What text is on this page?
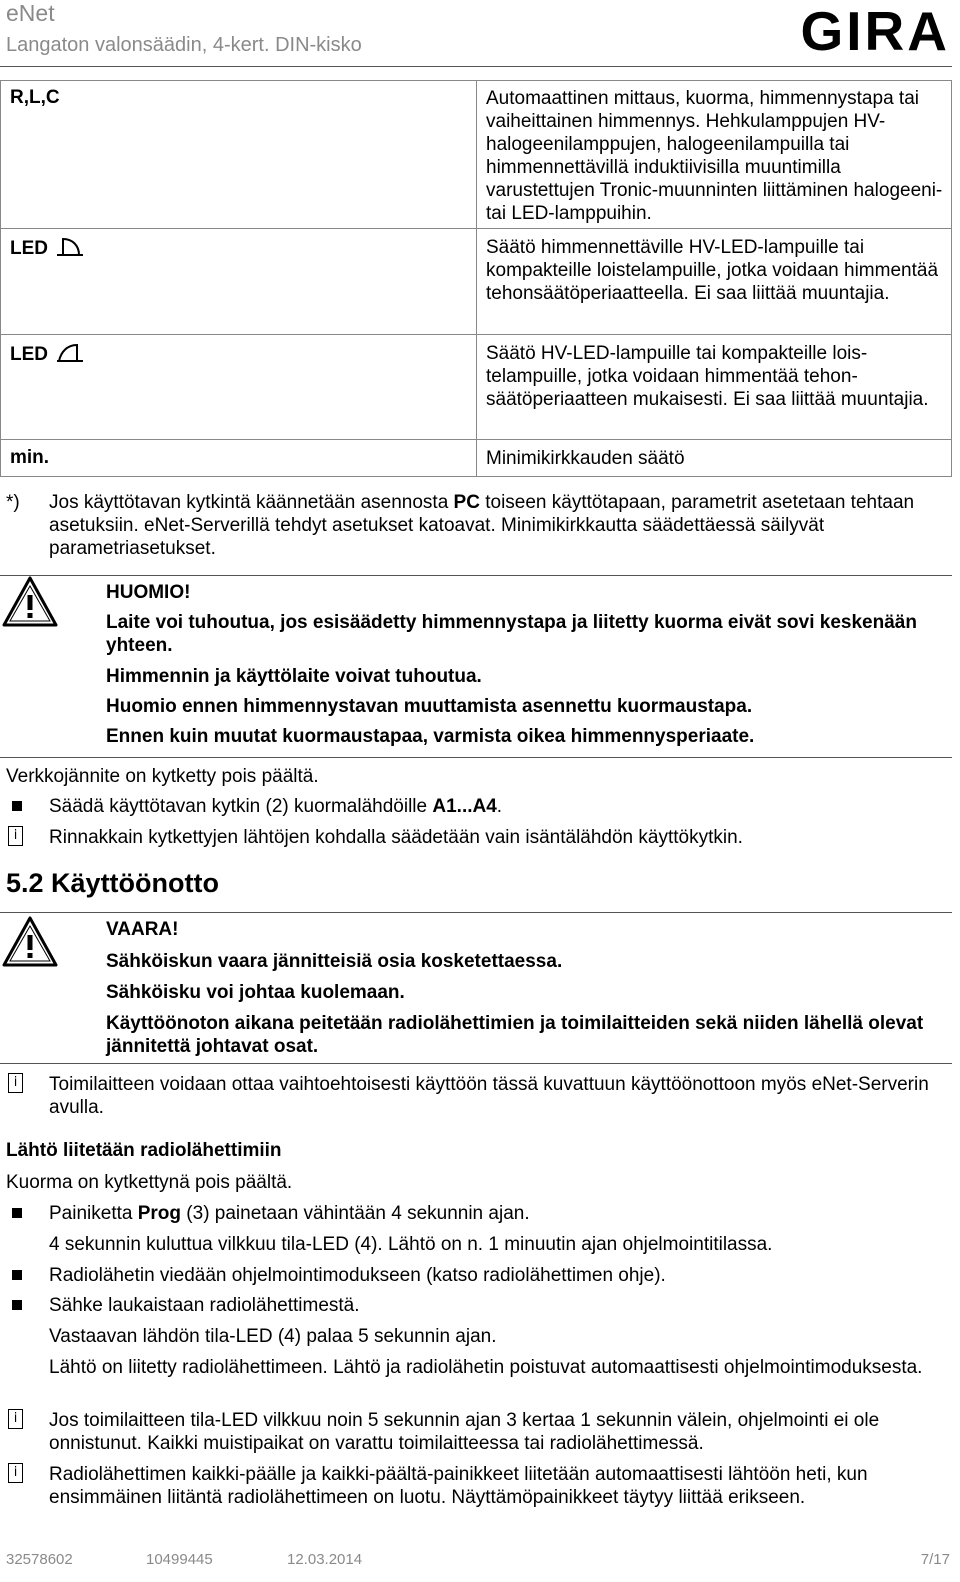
eNet
Langaton valonsäädin, 4-kert. DIN-kisko	GIRA
R,L,C	Automaattinen mittaus, kuorma, himmennystapa tai vaiheittainen himmennys. Hehkulamppujen HV-halogeenilamppujen, halogeenilampuilla tai himmennettävillä induktiivisilla muuntimilla varustettujen Tronic-muunninten liittäminen halogeeni- tai LED-lamppuihin.
LED	Säätö himmennettäville HV-LED-lampuille tai kompakteille loistelampuille, jotka voidaan himmentää tehonsäätöperiaatteella. Ei saa liittää muuntajia.
LED	Säätö HV-LED-lampuille tai kompakteille loistelampuille, jotka voidaan himmentää tehonsäätöperiaatteen mukaisesti. Ei saa liittää muuntajia.
min.	Minimikirkkauden säätö
*) Jos käyttötavan kytkintä käännetään asennosta PC toiseen käyttötapaan, parametrit asetetaan tehtaan asetuksiin. eNet-Serverillä tehdyt asetukset katoavat. Minimikirkkautta säädettäessä säilyvät parametriasetukset.
HUOMIO!
Laite voi tuhoutua, jos esisäädetty himmennystapa ja liitetty kuorma eivät sovi keskenään yhteen.
Himmennin ja käyttölaite voivat tuhoutua.
Huomio ennen himmennystavan muuttamista asennettu kuormaustapa.
Ennen kuin muutat kuormaustapaa, varmista oikea himmennysperiaate.
Verkkojännite on kytketty pois päältä.
Säädä käyttötavan kytkin (2) kuormalähdöille A1...A4.
i Rinnakkain kytkettyjen lähtöjen kohdalla säädetään vain isäntälähdön käyttökytkin.
5.2 Käyttöönotto
VAARA!
Sähköiskun vaara jännitteisiä osia kosketettaessa.
Sähköisku voi johtaa kuolemaan.
Käyttöönoton aikana peitetään radiolähettimien ja toimilaitteiden sekä niiden lähellä olevat jännitettä johtavat osat.
i Toimilaitteen voidaan ottaa vaihtoehtoisesti käyttöön tässä kuvattuun käyttöönottoon myös eNet-Serverin avulla.
Lähtö liitetään radiolähettimiin
Kuorma on kytkettynä pois päältä.
Painiketta Prog (3) painetaan vähintään 4 sekunnin ajan.
4 sekunnin kuluttua vilkkuu tila-LED (4). Lähtö on n. 1 minuutin ajan ohjelmointitilassa.
Radiolähetin viedään ohjelmointimodukseen (katso radiolähettimen ohje).
Sähke laukaistaan radiolähettimestä.
Vastaavan lähdön tila-LED (4) palaa 5 sekunnin ajan.
Lähtö on liitetty radiolähettimeen. Lähtö ja radiolähetin poistuvat automaattisesti ohjelmointimoduksesta.
i Jos toimilaitteen tila-LED vilkkuu noin 5 sekunnin ajan 3 kertaa 1 sekunnin välein, ohjelmointi ei ole onnistunut. Kaikki muistipaikat on varattu toimilaitteessa tai radiolähettimessä.
i Radiolähettimen kaikki-päälle ja kaikki-päältä-painikkeet liitetään automaattisesti lähtöön heti, kun ensimmäinen liitäntä radiolähettimeen on luotu. Näyttämöpainikkeet täytyy liittää erikseen.
32578602	10499445	12.03.2014	7/17
